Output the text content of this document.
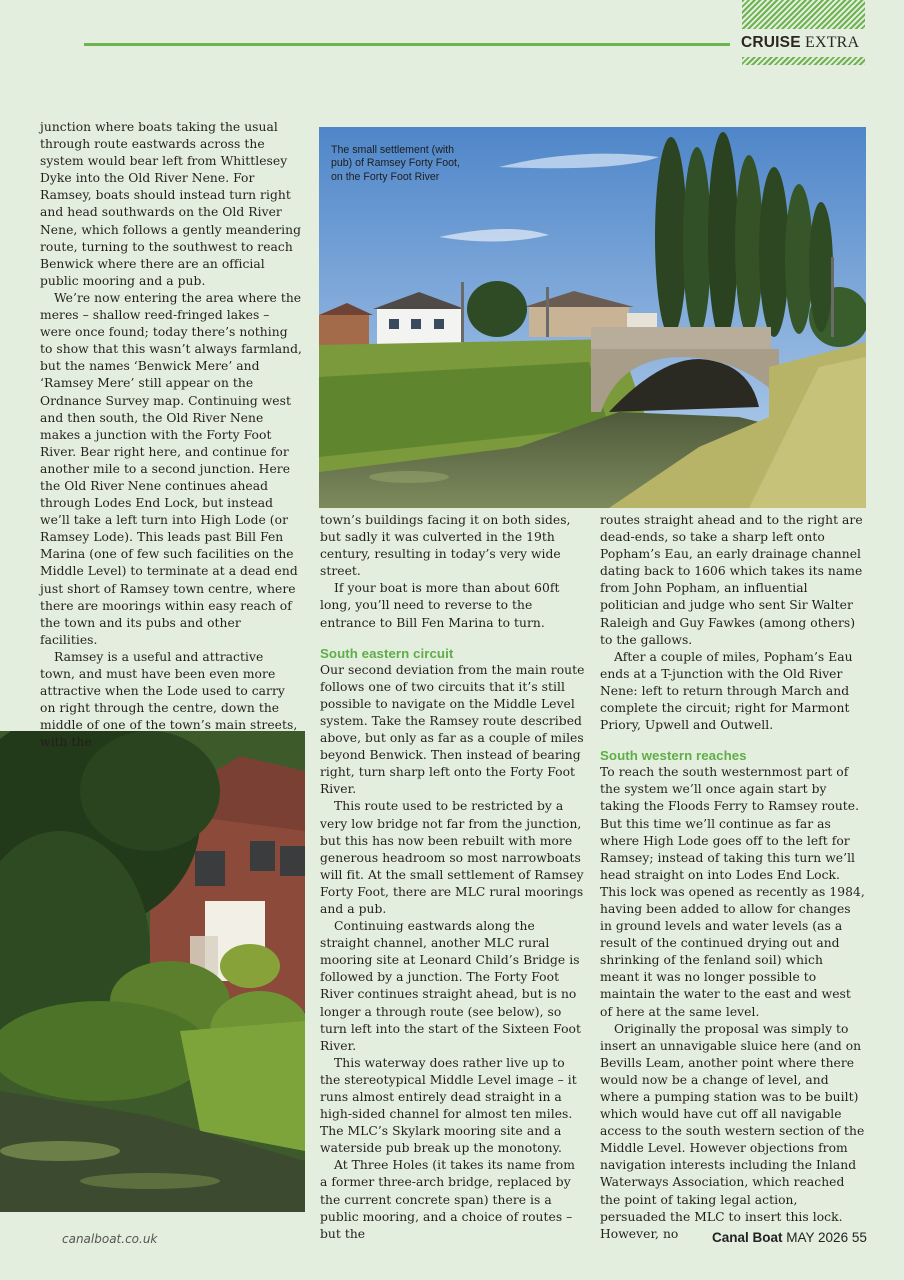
CRUISE EXTRA
The small settlement (with pub) of Ramsey Forty Foot, on the Forty Foot River

junction where boats taking the usual through route eastwards across the system would bear left from Whittlesey Dyke into the Old River Nene. For Ramsey, boats should instead turn right and head southwards on the Old River Nene, which follows a gently meandering route, turning to the southwest to reach Benwick where there are an official public mooring and a pub.

We’re now entering the area where the meres – shallow reed-fringed lakes – were once found; today there’s nothing to show that this wasn’t always farmland, but the names ‘Benwick Mere’ and ‘Ramsey Mere’ still appear on the Ordnance Survey map. Continuing west and then south, the Old River Nene makes a junction with the Forty Foot River. Bear right here, and continue for another mile to a second junction. Here the Old River Nene continues ahead through Lodes End Lock, but instead we’ll take a left turn into High Lode (or Ramsey Lode). This leads past Bill Fen Marina (one of few such facilities on the Middle Level) to terminate at a dead end just short of Ramsey town centre, where there are moorings within easy reach of the town and its pubs and other facilities.

Ramsey is a useful and attractive town, and must have been even more attractive when the Lode used to carry on right through the centre, down the middle of one of the town’s main streets, with the

town’s buildings facing it on both sides, but sadly it was culverted in the 19th century, resulting in today’s very wide street.

If your boat is more than about 60ft long, you’ll need to reverse to the entrance to Bill Fen Marina to turn.

South eastern circuit

Our second deviation from the main route follows one of two circuits that it’s still possible to navigate on the Middle Level system. Take the Ramsey route described above, but only as far as a couple of miles beyond Benwick. Then instead of bearing right, turn sharp left onto the Forty Foot River.

This route used to be restricted by a very low bridge not far from the junction, but this has now been rebuilt with more generous headroom so most narrowboats will fit. At the small settlement of Ramsey Forty Foot, there are MLC rural moorings and a pub.

Continuing eastwards along the straight channel, another MLC rural mooring site at Leonard Child’s Bridge is followed by a junction. The Forty Foot River continues straight ahead, but is no longer a through route (see below), so turn left into the start of the Sixteen Foot River.

This waterway does rather live up to the stereotypical Middle Level image – it runs almost entirely dead straight in a high-sided channel for almost ten miles. The MLC’s Skylark mooring site and a waterside pub break up the monotony.

At Three Holes (it takes its name from a former three-arch bridge, replaced by the current concrete span) there is a public mooring, and a choice of routes – but the

routes straight ahead and to the right are dead-ends, so take a sharp left onto Popham’s Eau, an early drainage channel dating back to 1606 which takes its name from John Popham, an influential politician and judge who sent Sir Walter Raleigh and Guy Fawkes (among others) to the gallows.

After a couple of miles, Popham’s Eau ends at a T-junction with the Old River Nene: left to return through March and complete the circuit; right for Marmont Priory, Upwell and Outwell.

South western reaches

To reach the south westernmost part of the system we’ll once again start by taking the Floods Ferry to Ramsey route. But this time we’ll continue as far as where High Lode goes off to the left for Ramsey; instead of taking this turn we’ll head straight on into Lodes End Lock. This lock was opened as recently as 1984, having been added to allow for changes in ground levels and water levels (as a result of the continued drying out and shrinking of the fenland soil) which meant it was no longer possible to maintain the water to the east and west of here at the same level.

Originally the proposal was simply to insert an unnavigable sluice here (and on Bevills Leam, another point where there would now be a change of level, and where a pumping station was to be built) which would have cut off all navigable access to the south western section of the Middle Level. However objections from navigation interests including the Inland Waterways Association, which reached the point of taking legal action, persuaded the MLC to insert this lock. However, no

canalboat.co.uk	Canal Boat MAY 2026 55
